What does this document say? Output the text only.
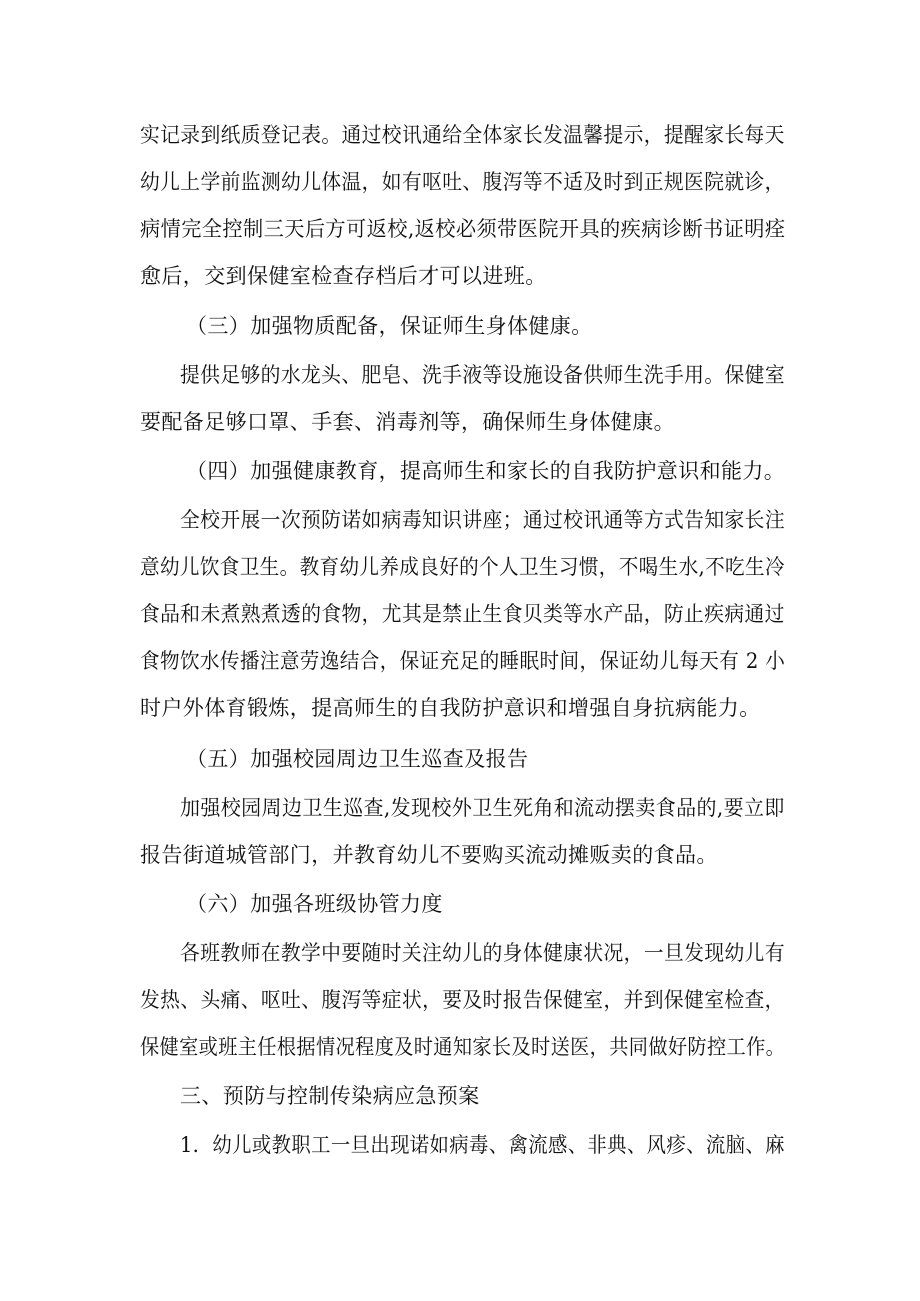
实记录到纸质登记表。通过校讯通给全体家长发温馨提示，提醒家长每天
幼儿上学前监测幼儿体温，如有呕吐、腹泻等不适及时到正规医院就诊，
病情完全控制三天后方可返校,返校必须带医院开具的疾病诊断书证明痊
愈后，交到保健室检查存档后才可以进班。
（三）加强物质配备，保证师生身体健康。
提供足够的水龙头、肥皂、洗手液等设施设备供师生洗手用。保健室
要配备足够口罩、手套、消毒剂等，确保师生身体健康。
（四）加强健康教育，提高师生和家长的自我防护意识和能力。
全校开展一次预防诺如病毒知识讲座；通过校讯通等方式告知家长注
意幼儿饮食卫生。教育幼儿养成良好的个人卫生习惯，不喝生水,不吃生冷
食品和未煮熟煮透的食物，尤其是禁止生食贝类等水产品，防止疾病通过
食物饮水传播注意劳逸结合，保证充足的睡眠时间，保证幼儿每天有 2 小
时户外体育锻炼，提高师生的自我防护意识和增强自身抗病能力。
（五）加强校园周边卫生巡查及报告
加强校园周边卫生巡查,发现校外卫生死角和流动摆卖食品的,要立即
报告街道城管部门，并教育幼儿不要购买流动摊贩卖的食品。
（六）加强各班级协管力度
各班教师在教学中要随时关注幼儿的身体健康状况，一旦发现幼儿有
发热、头痛、呕吐、腹泻等症状，要及时报告保健室，并到保健室检查，
保健室或班主任根据情况程度及时通知家长及时送医，共同做好防控工作。
三、预防与控制传染病应急预案
1．幼儿或教职工一旦出现诺如病毒、禽流感、非典、风疹、流脑、麻
